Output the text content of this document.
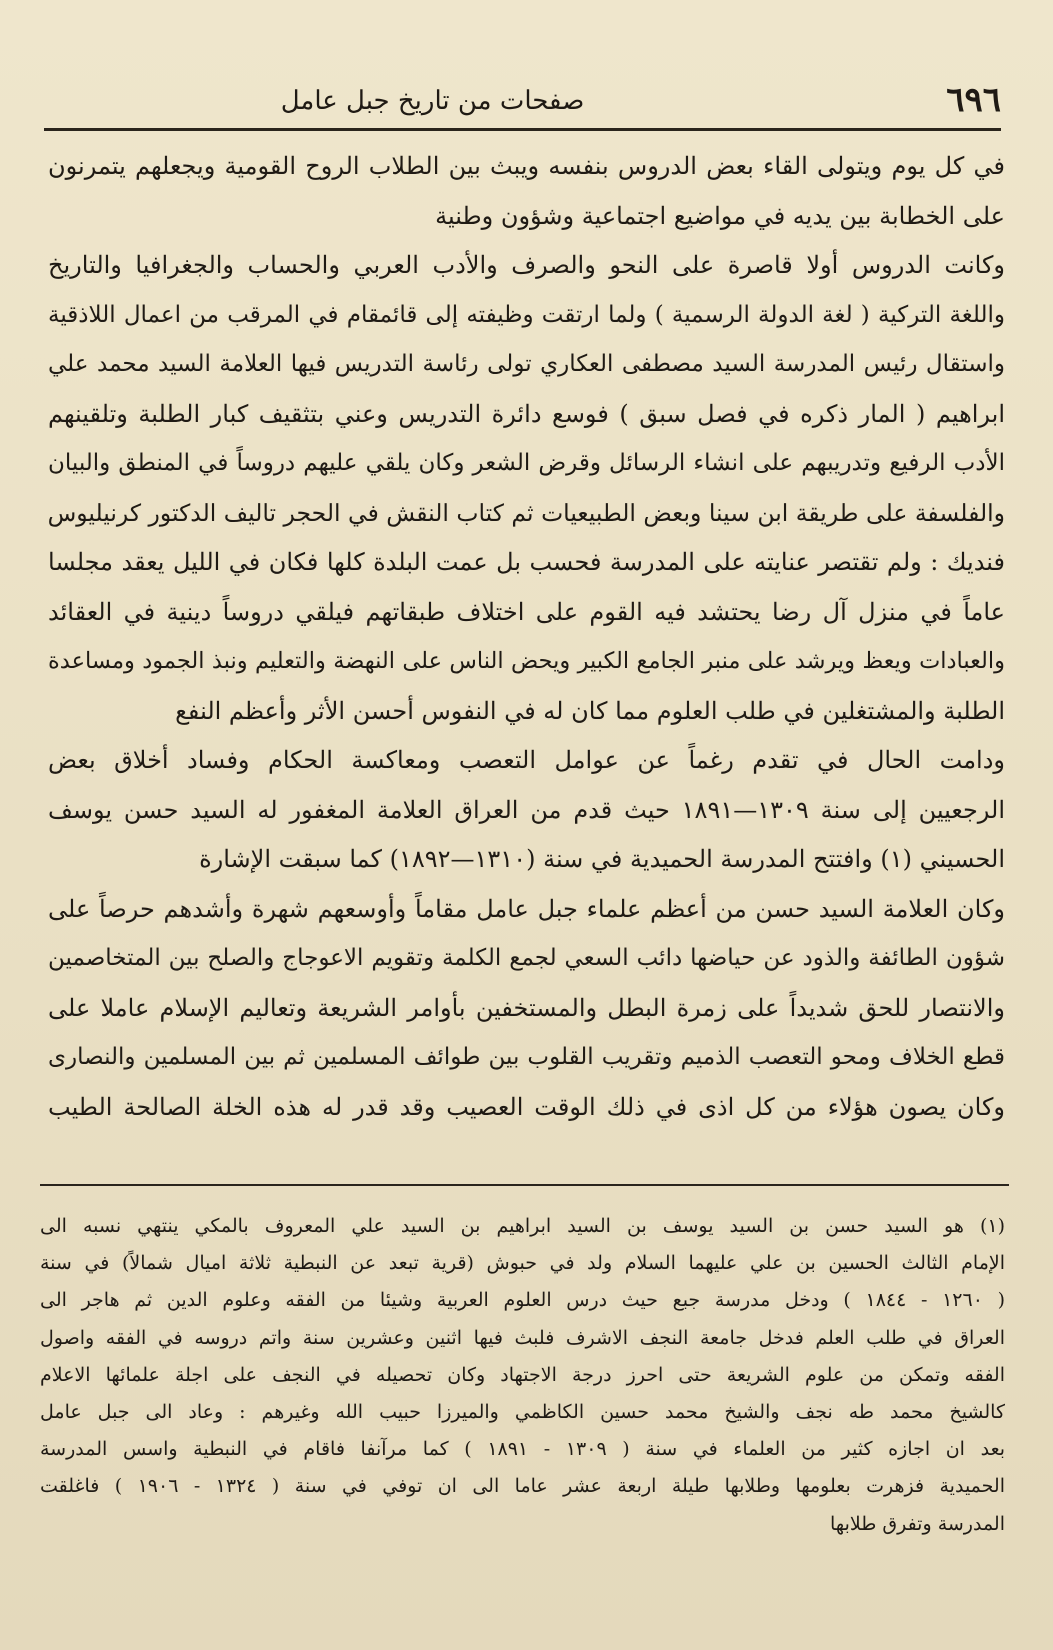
٦٩٦
صفحات من تاريخ جبل عامل
في كل يوم ويتولى القاء بعض الدروس بنفسه ويبث بين الطلاب الروح القومية ويجعلهم يتمرنون
على الخطابة بين يديه في مواضيع اجتماعية وشؤون وطنية
وكانت الدروس أولا قاصرة على النحو والصرف والأدب العربي والحساب والجغرافيا والتاريخ
واللغة التركية ( لغة الدولة الرسمية ) ولما ارتقت وظيفته إلى قائمقام في المرقب من اعمال اللاذقية
واستقال رئيس المدرسة السيد مصطفى العكاري تولى رئاسة التدريس فيها العلامة السيد محمد علي
ابراهيم ( المار ذكره في فصل سبق ) فوسع دائرة التدريس وعني بتثقيف كبار الطلبة وتلقينهم
الأدب الرفيع وتدريبهم على انشاء الرسائل وقرض الشعر وكان يلقي عليهم دروساً في المنطق والبيان
والفلسفة على طريقة ابن سينا وبعض الطبيعيات ثم كتاب النقش في الحجر تاليف الدكتور كرنيليوس
فنديك : ولم تقتصر عنايته على المدرسة فحسب بل عمت البلدة كلها فكان في الليل يعقد مجلسا
عاماً في منزل آل رضا يحتشد فيه القوم على اختلاف طبقاتهم فيلقي دروساً دينية في العقائد
والعبادات ويعظ ويرشد على منبر الجامع الكبير ويحض الناس على النهضة والتعليم ونبذ الجمود ومساعدة
الطلبة والمشتغلين في طلب العلوم مما كان له في النفوس أحسن الأثر وأعظم النفع
ودامت الحال في تقدم رغماً عن عوامل التعصب ومعاكسة الحكام وفساد أخلاق بعض
الرجعيين إلى سنة ١٣٠٩—١٨٩١ حيث قدم من العراق العلامة المغفور له السيد حسن يوسف
الحسيني (١) وافتتح المدرسة الحميدية في سنة (١٣١٠—١٨٩٢) كما سبقت الإشارة
وكان العلامة السيد حسن من أعظم علماء جبل عامل مقاماً وأوسعهم شهرة وأشدهم حرصاً على
شؤون الطائفة والذود عن حياضها دائب السعي لجمع الكلمة وتقويم الاعوجاج والصلح بين المتخاصمين
والانتصار للحق شديداً على زمرة البطل والمستخفين بأوامر الشريعة وتعاليم الإسلام عاملا على
قطع الخلاف ومحو التعصب الذميم وتقريب القلوب بين طوائف المسلمين ثم بين المسلمين والنصارى
وكان يصون هؤلاء من كل اذى في ذلك الوقت العصيب وقد قدر له هذه الخلة الصالحة الطيب
(١) هو السيد حسن بن السيد يوسف بن السيد ابراهيم بن السيد علي المعروف بالمكي ينتهي نسبه الى
الإمام الثالث الحسين بن علي عليهما السلام ولد في حبوش (قرية تبعد عن النبطية ثلاثة اميال شمالاً) في سنة
( ١٢٦٠ - ١٨٤٤ ) ودخل مدرسة جبع حيث درس العلوم العربية وشيئا من الفقه وعلوم الدين ثم هاجر الى
العراق في طلب العلم فدخل جامعة النجف الاشرف فلبث فيها اثنين وعشرين سنة واتم دروسه في الفقه واصول
الفقه وتمكن من علوم الشريعة حتى احرز درجة الاجتهاد وكان تحصيله في النجف على اجلة علمائها الاعلام
كالشيخ محمد طه نجف والشيخ محمد حسين الكاظمي والميرزا حبيب الله وغيرهم : وعاد الى جبل عامل
بعد ان اجازه كثير من العلماء في سنة ( ١٣٠٩ - ١٨٩١ ) كما مرآنفا فاقام في النبطية واسس المدرسة
الحميدية فزهرت بعلومها وطلابها طيلة اربعة عشر عاما الى ان توفي في سنة ( ١٣٢٤ - ١٩٠٦ ) فاغلقت
المدرسة وتفرق طلابها
